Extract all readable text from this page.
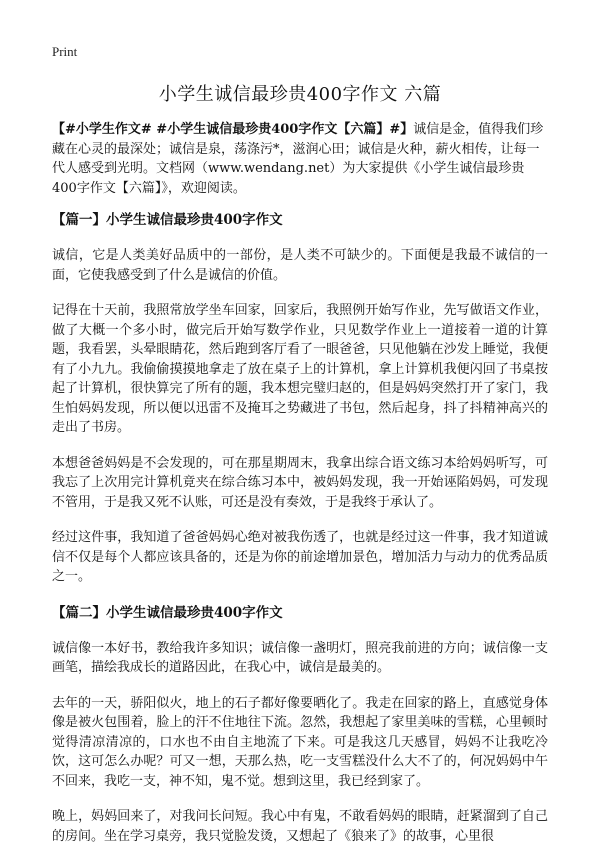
Print
小学生诚信最珍贵400字作文 六篇

【#小学生作文# #小学生诚信最珍贵400字作文【六篇】#】诚信是金，值得我们珍藏在心灵的最深处；诚信是泉，荡涤污*，滋润心田；诚信是火种，薪火相传，让每一代人感受到光明。文档网（www.wendang.net）为大家提供《小学生诚信最珍贵400字作文【六篇】》，欢迎阅读。

【篇一】小学生诚信最珍贵400字作文

诚信，它是人类美好品质中的一部份，是人类不可缺少的。下面便是我最不诚信的一面，它使我感受到了什么是诚信的价值。

记得在十天前，我照常放学坐车回家，回家后，我照例开始写作业，先写做语文作业，做了大概一个多小时，做完后开始写数学作业，只见数学作业上一道接着一道的计算题，我看罢，头晕眼睛花，然后跑到客厅看了一眼爸爸，只见他躺在沙发上睡觉，我便有了小九九。我偷偷摸摸地拿走了放在桌子上的计算机，拿上计算机我便闪回了书桌按起了计算机，很快算完了所有的题，我本想完璧归赵的，但是妈妈突然打开了家门，我生怕妈妈发现，所以便以迅雷不及掩耳之势藏进了书包，然后起身，抖了抖精神高兴的走出了书房。

本想爸爸妈妈是不会发现的，可在那星期周末，我拿出综合语文练习本给妈妈听写，可我忘了上次用完计算机竟夹在综合练习本中，被妈妈发现，我一开始诬陷妈妈，可发现不管用，于是我又死不认账，可还是没有奏效，于是我终于承认了。

经过这件事，我知道了爸爸妈妈心绝对被我伤透了，也就是经过这一件事，我才知道诚信不仅是每个人都应该具备的，还是为你的前途增加景色，增加活力与动力的优秀品质之一。

【篇二】小学生诚信最珍贵400字作文

诚信像一本好书，教给我许多知识；诚信像一盏明灯，照亮我前进的方向；诚信像一支画笔，描绘我成长的道路因此，在我心中，诚信是最美的。

去年的一天，骄阳似火，地上的石子都好像要晒化了。我走在回家的路上，直感觉身体像是被火包围着，脸上的汗不住地往下流。忽然，我想起了家里美味的雪糕，心里顿时觉得清凉清凉的，口水也不由自主地流了下来。可是我这几天感冒，妈妈不让我吃冷饮，这可怎么办呢？可又一想，天那么热，吃一支雪糕没什么大不了的，何况妈妈中午不回来，我吃一支，神不知，鬼不觉。想到这里，我已经到家了。

晚上，妈妈回来了，对我问长问短。我心中有鬼，不敢看妈妈的眼睛，赶紧溜到了自己的房间。坐在学习桌旁，我只觉脸发烫，又想起了《狼来了》的故事，心里很
